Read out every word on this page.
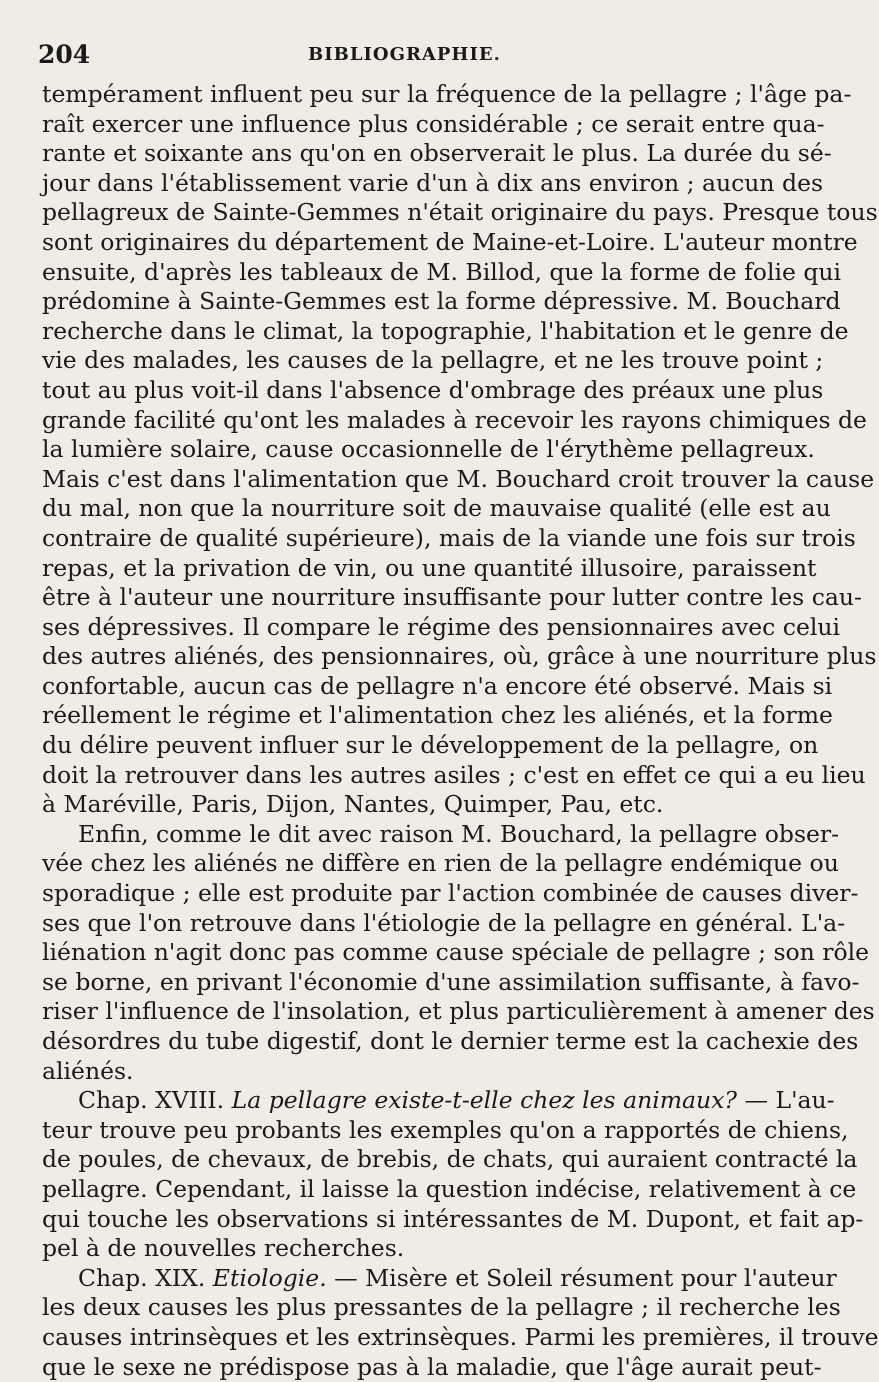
204	BIBLIOGRAPHIE.
tempérament influent peu sur la fréquence de la pellagre ; l'âge pa-
raît exercer une influence plus considérable ; ce serait entre qua-
rante et soixante ans qu'on en observerait le plus. La durée du sé-
jour dans l'établissement varie d'un à dix ans environ ; aucun des
pellagreux de Sainte-Gemmes n'était originaire du pays. Presque tous
sont originaires du département de Maine-et-Loire. L'auteur montre
ensuite, d'après les tableaux de M. Billod, que la forme de folie qui
prédomine à Sainte-Gemmes est la forme dépressive. M. Bouchard
recherche dans le climat, la topographie, l'habitation et le genre de
vie des malades, les causes de la pellagre, et ne les trouve point ;
tout au plus voit-il dans l'absence d'ombrage des préaux une plus
grande facilité qu'ont les malades à recevoir les rayons chimiques de
la lumière solaire, cause occasionnelle de l'érythème pellagreux.
Mais c'est dans l'alimentation que M. Bouchard croit trouver la cause
du mal, non que la nourriture soit de mauvaise qualité (elle est au
contraire de qualité supérieure), mais de la viande une fois sur trois
repas, et la privation de vin, ou une quantité illusoire, paraissent
être à l'auteur une nourriture insuffisante pour lutter contre les cau-
ses dépressives. Il compare le régime des pensionnaires avec celui
des autres aliénés, des pensionnaires, où, grâce à une nourriture plus
confortable, aucun cas de pellagre n'a encore été observé. Mais si
réellement le régime et l'alimentation chez les aliénés, et la forme
du délire peuvent influer sur le développement de la pellagre, on
doit la retrouver dans les autres asiles ; c'est en effet ce qui a eu lieu
à Maréville, Paris, Dijon, Nantes, Quimper, Pau, etc.
Enfin, comme le dit avec raison M. Bouchard, la pellagre obser-
vée chez les aliénés ne diffère en rien de la pellagre endémique ou
sporadique ; elle est produite par l'action combinée de causes diver-
ses que l'on retrouve dans l'étiologie de la pellagre en général. L'a-
liénation n'agit donc pas comme cause spéciale de pellagre ; son rôle
se borne, en privant l'économie d'une assimilation suffisante, à favo-
riser l'influence de l'insolation, et plus particulièrement à amener des
désordres du tube digestif, dont le dernier terme est la cachexie des
aliénés.
Chap. XVIII. La pellagre existe-t-elle chez les animaux? — L'au-
teur trouve peu probants les exemples qu'on a rapportés de chiens,
de poules, de chevaux, de brebis, de chats, qui auraient contracté la
pellagre. Cependant, il laisse la question indécise, relativement à ce
qui touche les observations si intéressantes de M. Dupont, et fait ap-
pel à de nouvelles recherches.
Chap. XIX. Etiologie. — Misère et Soleil résument pour l'auteur
les deux causes les plus pressantes de la pellagre ; il recherche les
causes intrinsèques et les extrinsèques. Parmi les premières, il trouve
que le sexe ne prédispose pas à la maladie, que l'âge aurait peut-
